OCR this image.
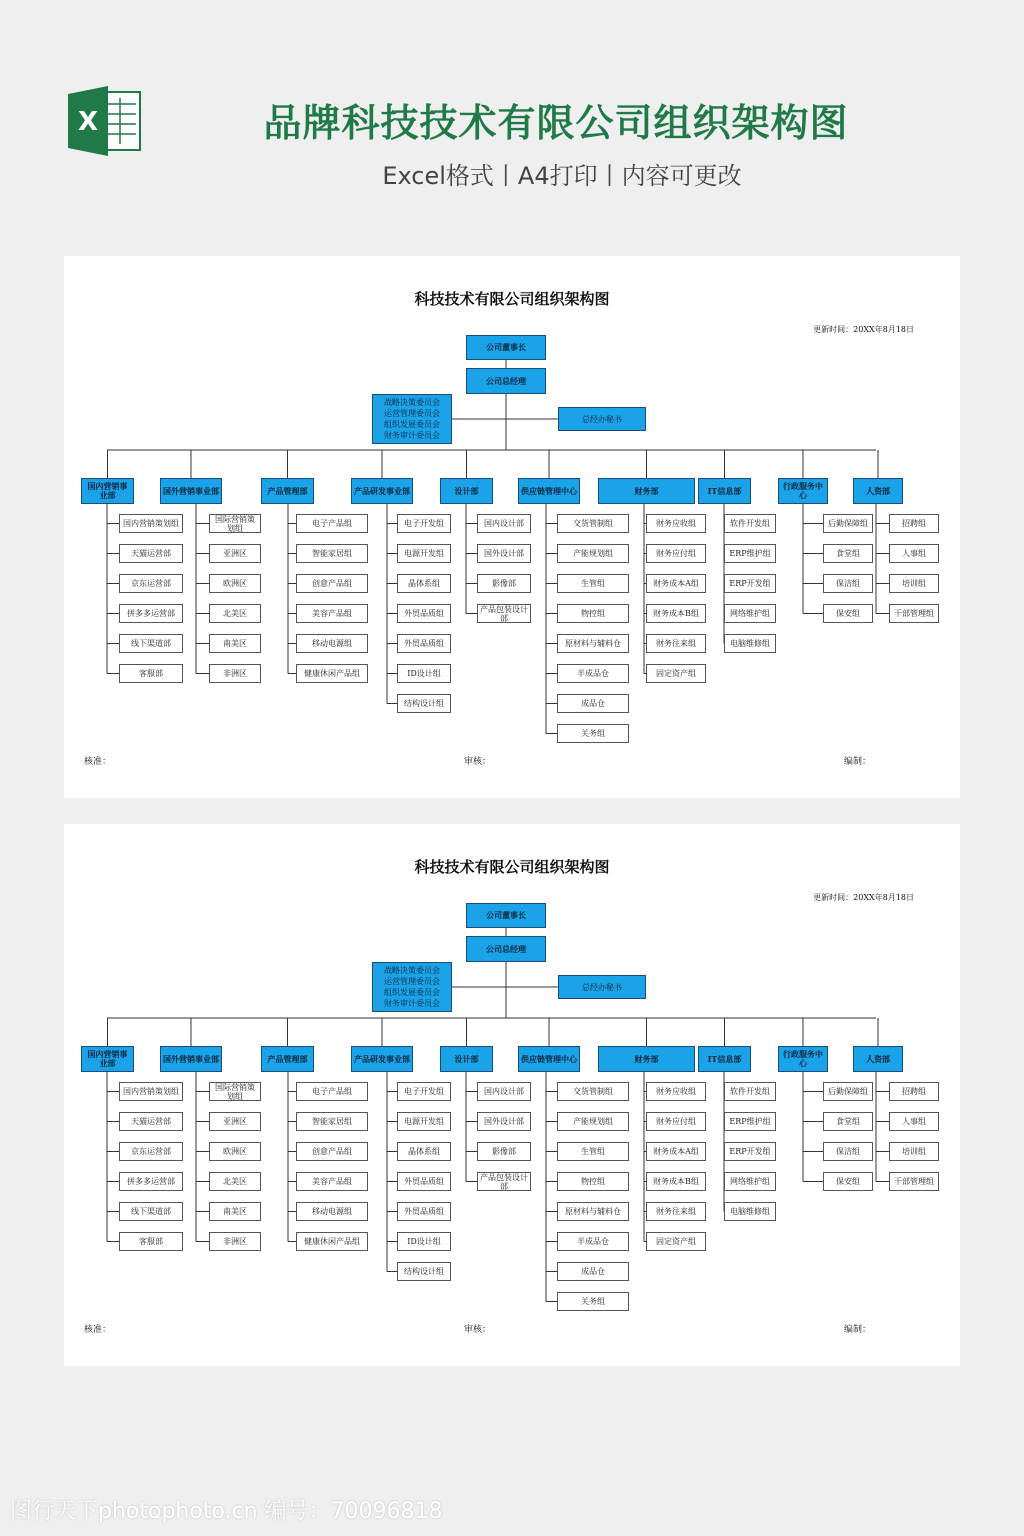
X	品牌科技技术有限公司组织架构图
Excel格式丨A4打印丨内容可更改
科技技术有限公司组织架构图
更新时间：20XX年8月18日
公司董事长
公司总经理
战略决策委员会
运营管理委员会
组织发展委员会
财务审计委员会
总经办秘书
国内营销事业部
国内营销策划组
天猫运营部
京东运营部
拼多多运营部
线下渠道部
客服部
国外营销事业部
国际营销策划组
亚洲区
欧洲区
北美区
南美区
非洲区
产品管理部
电子产品组
智能家居组
创意产品组
美容产品组
移动电源组
健康休闲产品组
产品研发事业部
电子开发组
电源开发组
晶体系组
外贸品质组
外贸品质组
ID设计组
结构设计组
设计部
国内设计部
国外设计部
影像部
产品包装设计部
供应链管理中心
交货管制组
产能规划组
生管组
物控组
原材料与辅料仓
半成品仓
成品仓
关务组
财务部
财务应收组
财务应付组
财务成本A组
财务成本B组
财务往来组
固定资产组
IT信息部
软件开发组
ERP维护组
ERP开发组
网络维护组
电脑维修组
行政服务中心
后勤保障组
食堂组
保洁组
保安组
人资部
招聘组
人事组
培训组
干部管理组
核准：	审核：	编制：
科技技术有限公司组织架构图
更新时间：20XX年8月18日
公司董事长
公司总经理
战略决策委员会
运营管理委员会
组织发展委员会
财务审计委员会
总经办秘书
国内营销事业部
国内营销策划组
天猫运营部
京东运营部
拼多多运营部
线下渠道部
客服部
国外营销事业部
国际营销策划组
亚洲区
欧洲区
北美区
南美区
非洲区
产品管理部
电子产品组
智能家居组
创意产品组
美容产品组
移动电源组
健康休闲产品组
产品研发事业部
电子开发组
电源开发组
晶体系组
外贸品质组
外贸品质组
ID设计组
结构设计组
设计部
国内设计部
国外设计部
影像部
产品包装设计部
供应链管理中心
交货管制组
产能规划组
生管组
物控组
原材料与辅料仓
半成品仓
成品仓
关务组
财务部
财务应收组
财务应付组
财务成本A组
财务成本B组
财务往来组
固定资产组
IT信息部
软件开发组
ERP维护组
ERP开发组
网络维护组
电脑维修组
行政服务中心
后勤保障组
食堂组
保洁组
保安组
人资部
招聘组
人事组
培训组
干部管理组
核准：	审核：	编制：
图行天下photophoto.cn 编号：70096818
